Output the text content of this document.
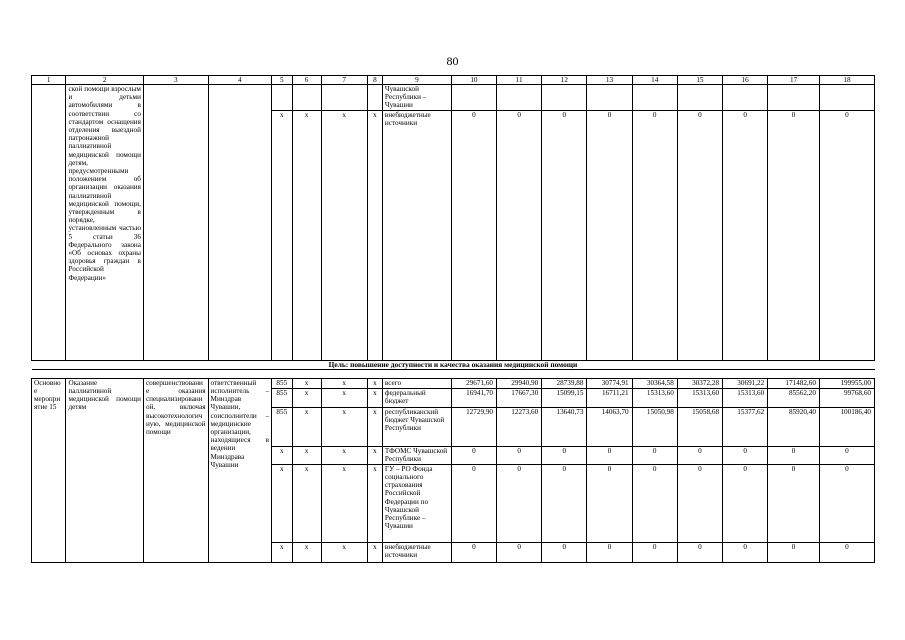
80
1	2	3	4	5	6	7	8	9	10	11	12	13	14	15	16	17	18
	ской помощи взрослым и детьми автомобилями в соответствии со стандартом оснащения отделения выездной патронажной паллиативной медицинской помощи детям, предусмотренными положением об организации оказания паллиативной медицинской помощи, утвержденным в порядке, установленным частью 5 статьи 36 Федерального закона «Об основах охраны здоровья граждан в Российской Федерации»							Чувашской Республики – Чувашии									
				x	x	x	x	внебюджетные источники	0	0	0	0	0	0	0	0	0
Цель: повышение доступности и качества оказания медицинской помощи																	

Основное мероприятие 15	Оказание паллиативной медицинской помощи детям	совершенствование оказания специализированной, включая высокотехнологичную, медицинской помощи	ответственный исполнитель – Минздрав Чувашии, соисполнители – медицинские организации, находящиеся в ведении Минздрава Чувашии	855	x	x	x	всего	29671,60	29940,90	28739,88	30774,91	30364,58	30372,28	30691,22	171482,60	199955,00
				855	x	x	x	федеральный бюджет	16941,70	17667,30	15099,15	16711,21	15313,60	15313,60	15313,60	85562,20	99768,60
				855	x	x	x	республиканский бюджет Чувашской Республики	12729,90	12273,60	13640,73	14063,70	15050,98	15058,68	15377,62	85920,40	100186,40
				x	x	x	x	ТФОМС Чувашской Республики	0	0	0	0	0	0	0	0	0
				x	x	x	x	ГУ – РО Фонда социального страхования Российской Федерации по Чувашской Республике – Чувашии	0	0	0	0	0	0	0	0	0
				x	x	x	x	внебюджетные источники	0	0	0	0	0	0	0	0	0
